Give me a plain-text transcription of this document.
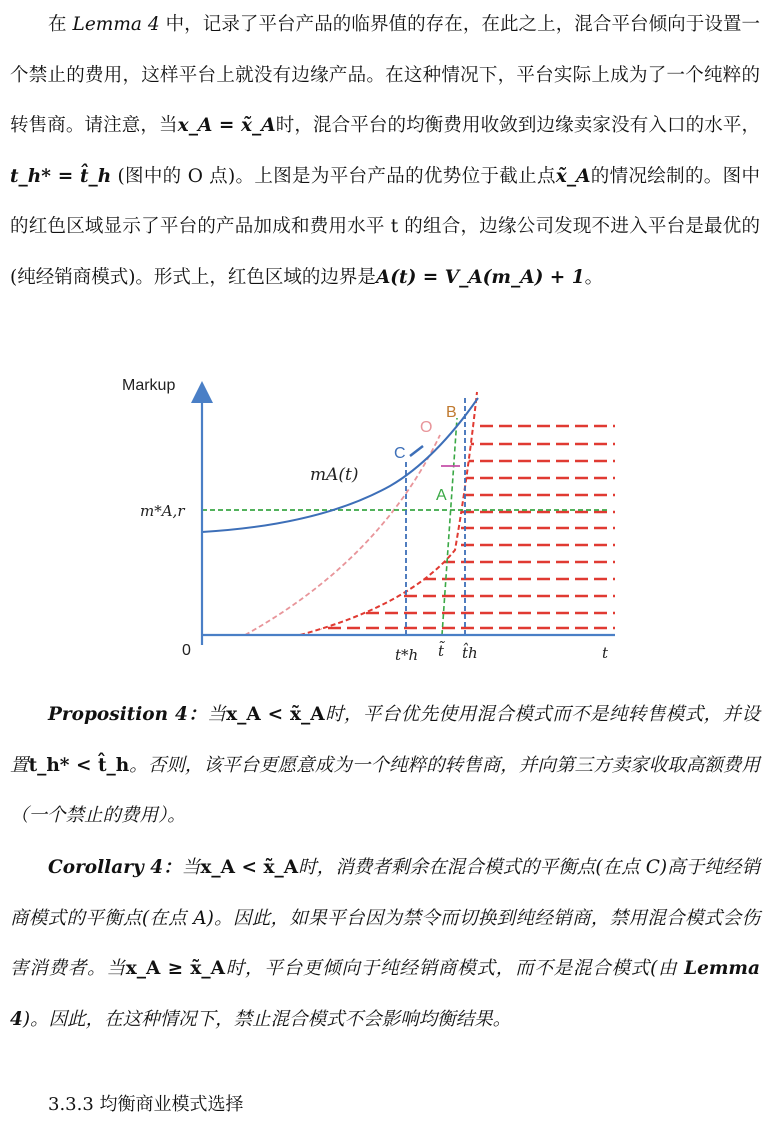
在 Lemma 4 中，记录了平台产品的临界值的存在，在此之上，混合平台倾向于设置一个禁止的费用，这样平台上就没有边缘产品。在这种情况下，平台实际上成为了一个纯粹的转售商。请注意，当x_A = x̃_A时，混合平台的均衡费用收敛到边缘卖家没有入口的水平，t_h* = t̂_h (图中的 O 点)。上图是为平台产品的优势位于截止点x̃_A的情况绘制的。图中的红色区域显示了平台的产品加成和费用水平 t 的组合，边缘公司发现不进入平台是最优的(纯经销商模式)。形式上，红色区域的边界是A(t) = V_A(m_A) + 1。

Markup
0
mA(t)
m*A,r
O
B
C
A
t*h t̃ t̂h	t

Proposition 4：当x_A < x̃_A时，平台优先使用混合模式而不是纯转售模式，并设置t_h* < t̂_h。否则，该平台更愿意成为一个纯粹的转售商，并向第三方卖家收取高额费用（一个禁止的费用）。

Corollary 4：当x_A < x̃_A时，消费者剩余在混合模式的平衡点(在点 C)高于纯经销商模式的平衡点(在点 A)。因此，如果平台因为禁令而切换到纯经销商，禁用混合模式会伤害消费者。当x_A ≥ x̃_A时，平台更倾向于纯经销商模式，而不是混合模式(由 Lemma 4)。因此，在这种情况下，禁止混合模式不会影响均衡结果。

3.3.3 均衡商业模式选择
